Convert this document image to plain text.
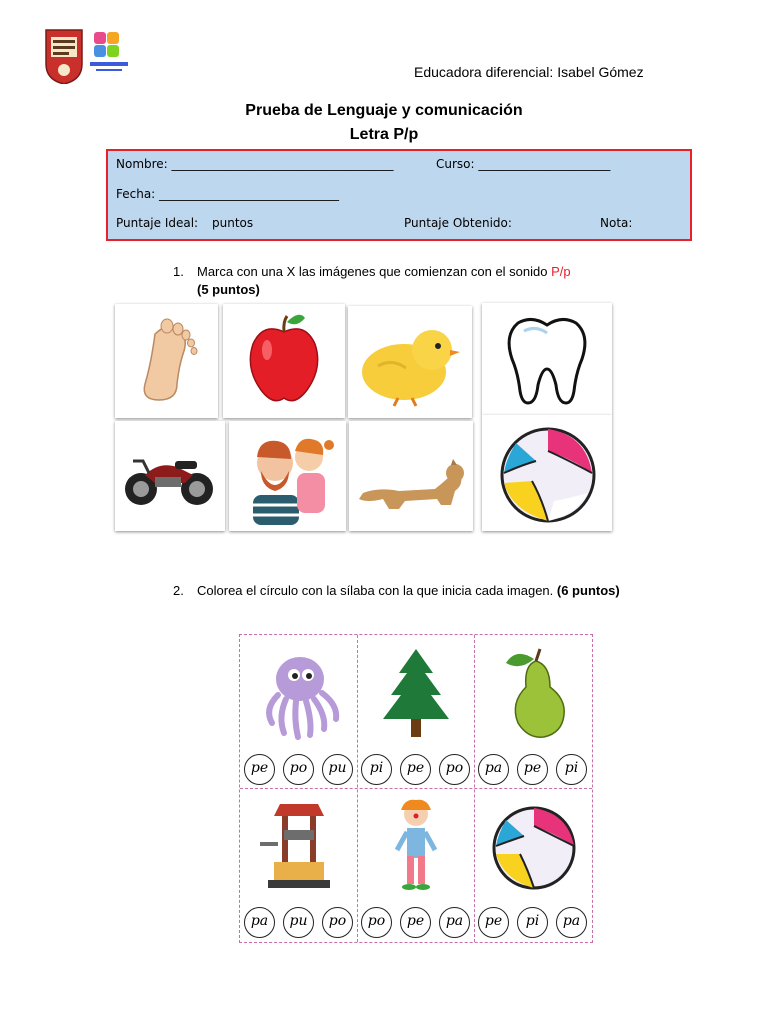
Educadora diferencial: Isabel Gómez
Prueba de Lenguaje y comunicación
Letra P/p
Nombre: _____________________________________	Curso: ______________________
Fecha: ______________________________
Puntaje Ideal: puntos	Puntaje Obtenido:	Nota:
1. Marca con una X las imágenes que comienzan con el sonido P/p
(5 puntos)
2. Colorea el círculo con la sílaba con la que inicia cada imagen. (6 puntos)
pe	po	pu	pi	pe	po	pa	pe	pi
pa	pu	po	po	pe	pa	pe	pi	pa
